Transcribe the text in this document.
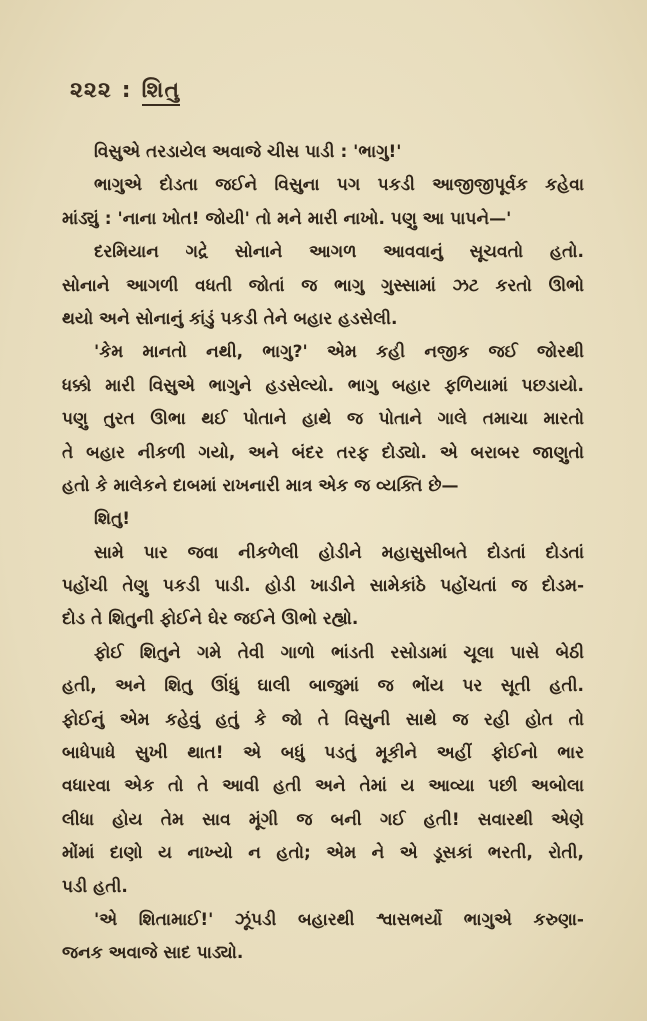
૨૨૨ : શિતુ
વિસુએ તરડાયેલ અવાજે ચીસ પાડી : 'ભાગુ!'
ભાગુએ દોડતા જઈને વિસુના પગ પકડી આજીજીપૂર્વક કહેવા
માંડ્યું : 'નાના ખોત! જોયી' તો મને મારી નાખો. પણુ આ પાપને—'
દરમિયાન ગદ્રે સોનાને આગળ આવવાનું સૂચવતો હતો.
સોનાને આગળી વધતી જોતાં જ ભાગુ ગુસ્સામાં ઝટ કરતો ઊભો
થયો અને સોનાનું કાંડું પકડી તેને બહાર હડસેલી.
'કેમ માનતો નથી, ભાગુ?' એમ કહી નજીક જઈ જોરથી
ધક્કો મારી વિસુએ ભાગુને હડસેલ્યો. ભાગુ બહાર ફળિયામાં પછડાયો.
પણુ તુરત ઊભા થઈ પોતાને હાથે જ પોતાને ગાલે તમાચા મારતો
તે બહાર નીકળી ગયો, અને બંદર તરફ દોડ્યો. એ બરાબર જાણુતો
હતો કે માલેકને દાબમાં રાખનારી માત્ર એક જ વ્યક્તિ છે—
શિતુ!
સામે પાર જવા નીકળેલી હોડીને મહાસુસીબતે દોડતાં દોડતાં
પહોંચી તેણુ પકડી પાડી. હોડી ખાડીને સામેકાંઠે પહોંચતાં જ દોડમ-
દોડ તે શિતુની ફોઈને ઘેર જઈને ઊભો રહ્યો.
ફોઈ શિતુને ગમે તેવી ગાળો ભાંડતી રસોડામાં ચૂલા પાસે બેઠી
હતી, અને શિતુ ઊંધું ઘાલી બાજુમાં જ ભોંય પર સૂતી હતી.
ફોઈનું એમ કહેવું હતું કે જો તે વિસુની સાથે જ રહી હોત તો
બાધેપાધે સુખી થાત! એ બધું પડતું મૂકીને અહીં ફોઈનો ભાર
વધારવા એક તો તે આવી હતી અને તેમાં ય આવ્યા પછી અબોલા
લીધા હોય તેમ સાવ મૂંગી જ બની ગઈ હતી! સવારથી એણે
મોંમાં દાણો ય નાખ્યો ન હતો; એમ ને એ ડૂસકાં ભરતી, રોતી,
પડી હતી.
'એ શિતામાઈ!' ઝૂંપડી બહારથી શ્વાસભર્યો ભાગુએ કરુણા-
જનક અવાજે સાદ પાડ્યો.
